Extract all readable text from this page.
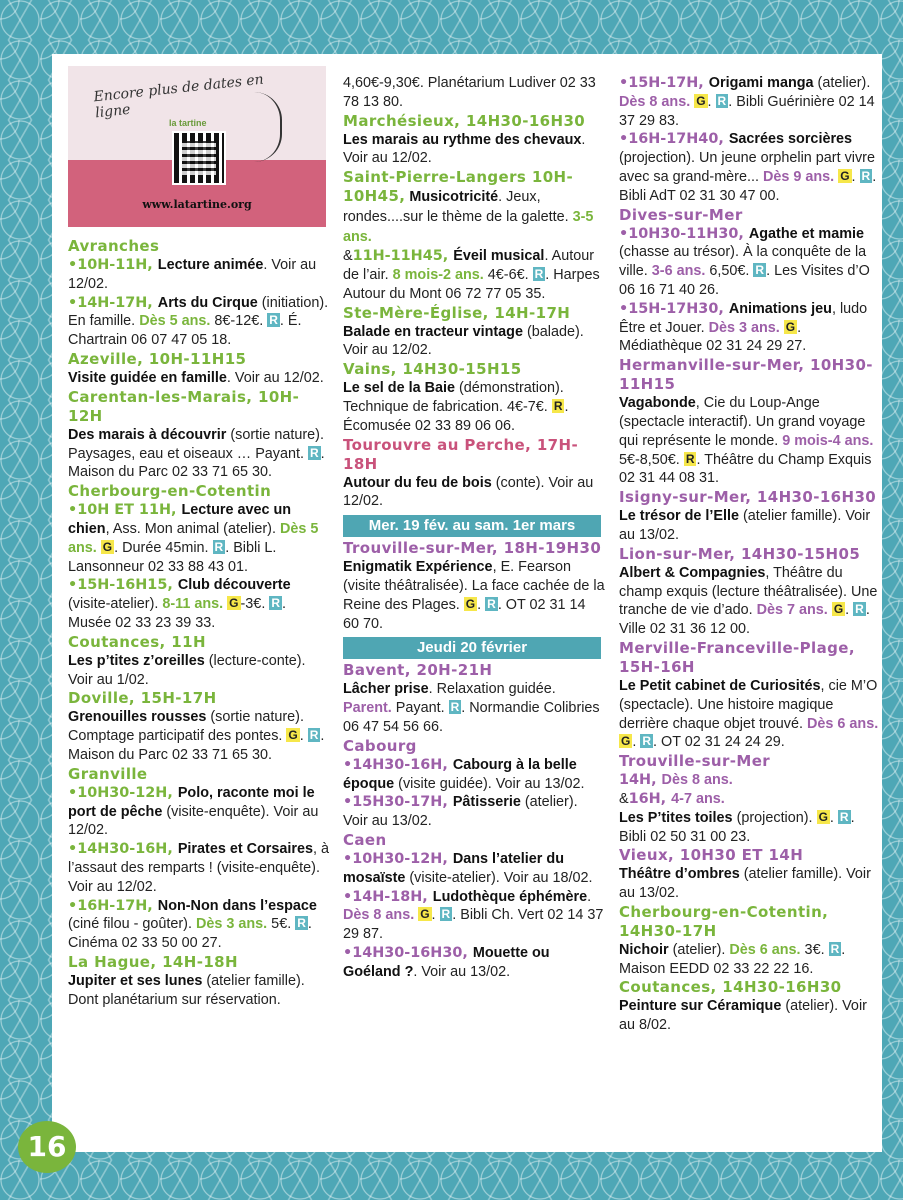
Encore plus de dates en ligne
la tartine
www.latartine.org

Avranches

•10H-11H, Lecture animée. Voir au 12/02.

•14H-17H, Arts du Cirque (initiation). En famille. Dès 5 ans. 8€-12€. R . É. Chartrain 06 07 47 05 18.

Azeville, 10H-11H15

Visite guidée en famille. Voir au 12/02.

Carentan-les-Marais, 10H-12H

Des marais à découvrir (sortie nature). Paysages, eau et oiseaux … Payant. R . Maison du Parc 02 33 71 65 30.

Cherbourg-en-Cotentin

•10H ET 11H, Lecture avec un chien, Ass. Mon animal (atelier). Dès 5 ans. G . Durée 45min. R . Bibli L. Lansonneur 02 33 88 43 01.

•15H-16H15, Club découverte (visite-atelier). 8-11 ans. G -3€. R . Musée 02 33 23 39 33.

Coutances, 11H

Les p’tites z’oreilles (lecture-conte). Voir au 1/02.

Doville, 15H-17H

Grenouilles rousses (sortie nature). Comptage participatif des pontes. G . R . Maison du Parc 02 33 71 65 30.

Granville

•10H30-12H, Polo, raconte moi le port de pêche (visite-enquête). Voir au 12/02.

•14H30-16H, Pirates et Corsaires, à l’assaut des remparts ! (visite-enquête). Voir au 12/02.

•16H-17H, Non-Non dans l’espace (ciné filou - goûter). Dès 3 ans. 5€. R . Cinéma 02 33 50 00 27.

La Hague, 14H-18H

Jupiter et ses lunes (atelier famille). Dont planétarium sur réservation.

4,60€-9,30€. Planétarium Ludiver 02 33 78 13 80.

Marchésieux, 14H30-16H30

Les marais au rythme des chevaux. Voir au 12/02.

Saint-Pierre-Langers 10H-10H45, Musicotricité. Jeux, rondes....sur le thème de la galette. 3-5 ans.

&11H-11H45, Éveil musical. Autour de l’air. 8 mois-2 ans. 4€-6€. R . Harpes Autour du Mont 06 72 77 05 35.

Ste-Mère-Église, 14H-17H

Balade en tracteur vintage (balade). Voir au 12/02.

Vains, 14H30-15H15

Le sel de la Baie (démonstration). Technique de fabrication. 4€-7€. R . Écomusée 02 33 89 06 06.

Tourouvre au Perche, 17H-18H

Autour du feu de bois (conte). Voir au 12/02.

Mer. 19 fév. au sam. 1er mars

Trouville-sur-Mer, 18H-19H30

Enigmatik Expérience, E. Fearson (visite théâtralisée). La face cachée de la Reine des Plages. G . R . OT 02 31 14 60 70.

Jeudi 20 février

Bavent, 20H-21H

Lâcher prise. Relaxation guidée. Parent. Payant. R . Normandie Colibries 06 47 54 56 66.

Cabourg

•14H30-16H, Cabourg à la belle époque (visite guidée). Voir au 13/02.

•15H30-17H, Pâtisserie (atelier). Voir au 13/02.

Caen

•10H30-12H, Dans l’atelier du mosaïste (visite-atelier). Voir au 18/02.

•14H-18H, Ludothèque éphémère. Dès 8 ans. G . R . Bibli Ch. Vert 02 14 37 29 87.

•14H30-16H30, Mouette ou Goéland ?. Voir au 13/02.

•15H-17H, Origami manga (atelier). Dès 8 ans. G . R . Bibli Guérinière 02 14 37 29 83.

•16H-17H40, Sacrées sorcières (projection). Un jeune orphelin part vivre avec sa grand-mère... Dès 9 ans. G . R . Bibli AdT 02 31 30 47 00.

Dives-sur-Mer

•10H30-11H30, Agathe et mamie (chasse au trésor). À la conquête de la ville. 3-6 ans. 6,50€. R . Les Visites d’O 06 16 71 40 26.

•15H-17H30, Animations jeu, ludo Être et Jouer. Dès 3 ans. G . Médiathèque 02 31 24 29 27.

Hermanville-sur-Mer, 10H30-11H15

Vagabonde, Cie du Loup-Ange (spectacle interactif). Un grand voyage qui représente le monde. 9 mois-4 ans. 5€-8,50€. R . Théâtre du Champ Exquis 02 31 44 08 31.

Isigny-sur-Mer, 14H30-16H30

Le trésor de l’Elle (atelier famille). Voir au 13/02.

Lion-sur-Mer, 14H30-15H05

Albert & Compagnies, Théâtre du champ exquis (lecture théâtralisée). Une tranche de vie d’ado. Dès 7 ans. G . R . Ville 02 31 36 12 00.

Merville-Franceville-Plage, 15H-16H

Le Petit cabinet de Curiosités, cie M’O (spectacle). Une histoire magique derrière chaque objet trouvé. Dès 6 ans. G . R . OT 02 31 24 24 29.

Trouville-sur-Mer

14H, Dès 8 ans.

&16H, 4-7 ans.

Les P’tites toiles (projection). G . R . Bibli 02 50 31 00 23.

Vieux, 10H30 ET 14H

Théâtre d’ombres (atelier famille). Voir au 13/02.

Cherbourg-en-Cotentin, 14H30-17H

Nichoir (atelier). Dès 6 ans. 3€. R . Maison EEDD 02 33 22 22 16.

Coutances, 14H30-16H30

Peinture sur Céramique (atelier). Voir au 8/02.

16
